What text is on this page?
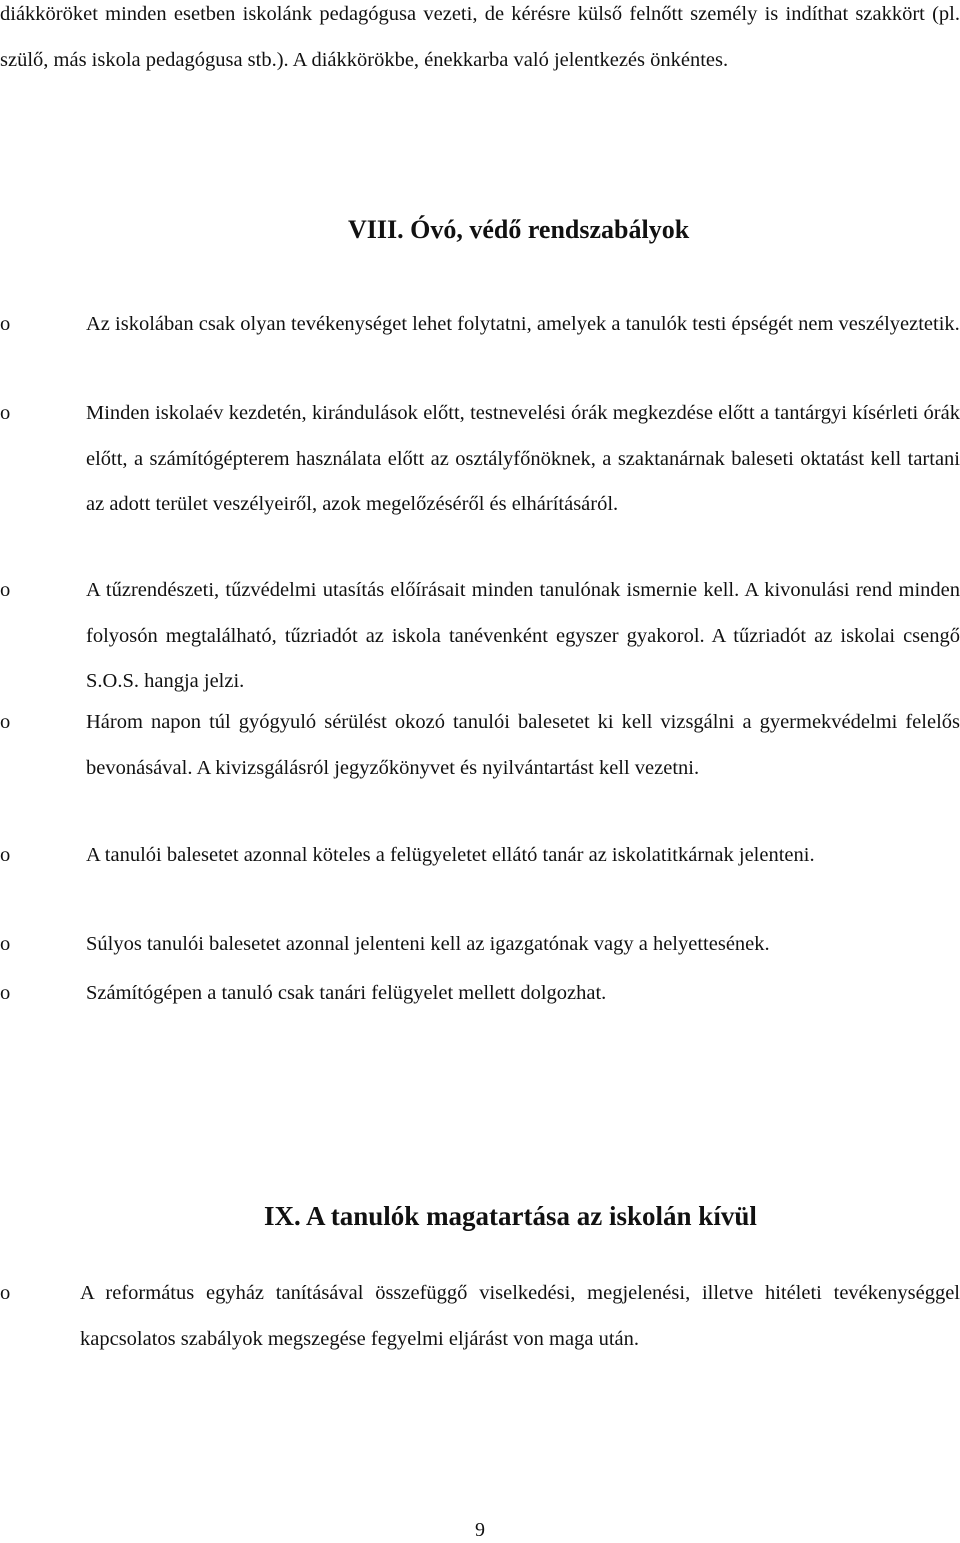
diákköröket minden esetben iskolánk pedagógusa vezeti, de kérésre külső felnőtt személy is indíthat szakkört (pl. szülő, más iskola pedagógusa stb.). A diákkörökbe, énekkarba való jelentkezés önkéntes.
VIII. Óvó, védő rendszabályok
o	Az iskolában csak olyan tevékenységet lehet folytatni, amelyek a tanulók testi épségét nem veszélyeztetik.
o	Minden iskolaév kezdetén, kirándulások előtt, testnevelési órák megkezdése előtt a tantárgyi kísérleti órák előtt, a számítógépterem használata előtt az osztályfőnöknek, a szaktanárnak baleseti oktatást kell tartani az adott terület veszélyeiről, azok megelőzéséről és elhárításáról.
o	A tűzrendészeti, tűzvédelmi utasítás előírásait minden tanulónak ismernie kell. A kivonulási rend minden folyosón megtalálható, tűzriadót az iskola tanévenként egyszer gyakorol. A tűzriadót az iskolai csengő S.O.S. hangja jelzi.
o	Három napon túl gyógyuló sérülést okozó tanulói balesetet ki kell vizsgálni a gyermekvédelmi felelős bevonásával. A kivizsgálásról jegyzőkönyvet és nyilvántartást kell vezetni.
o	A tanulói balesetet azonnal köteles a felügyeletet ellátó tanár az iskolatitkárnak jelenteni.
o	Súlyos tanulói balesetet azonnal jelenteni kell az igazgatónak vagy a helyettesének.
o	Számítógépen a tanuló csak tanári felügyelet mellett dolgozhat.
IX. A tanulók magatartása az iskolán kívül
o	A református egyház tanításával összefüggő viselkedési, megjelenési, illetve hitéleti tevékenységgel kapcsolatos szabályok megszegése fegyelmi eljárást von maga után.
9
